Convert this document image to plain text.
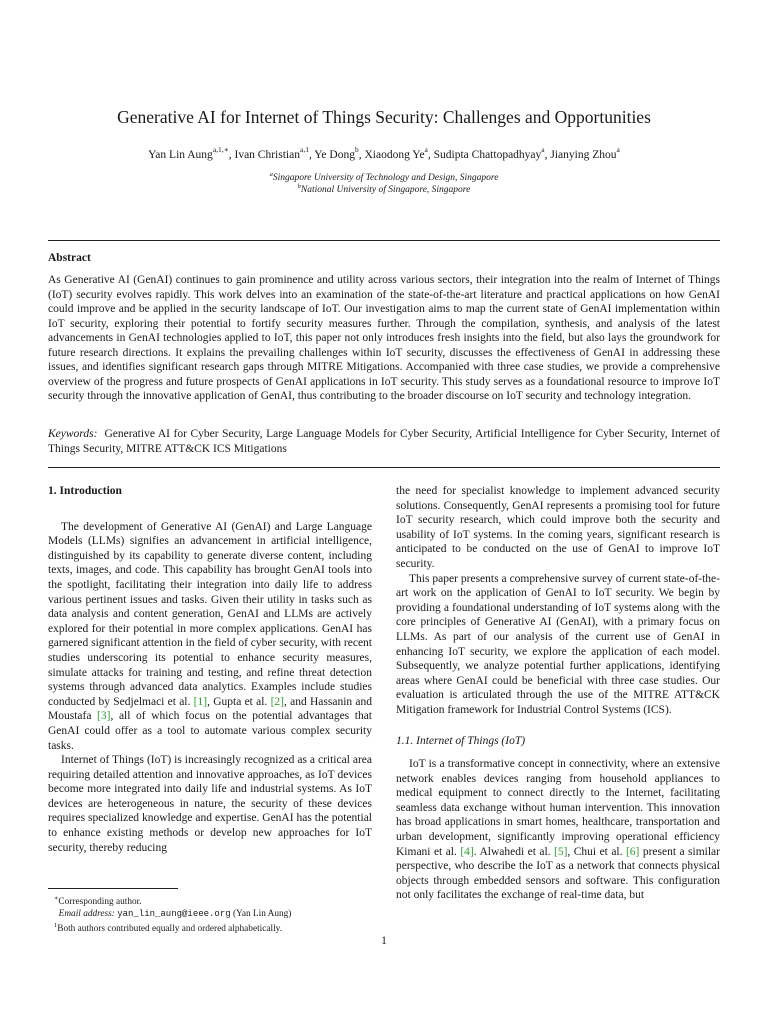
Generative AI for Internet of Things Security: Challenges and Opportunities
Yan Lin Aung$^{a,1,∗}$, Ivan Christian$^{a,1}$, Ye Dong$^b$, Xiaodong Ye$^a$, Sudipta Chattopadhyay$^a$, Jianying Zhou$^a$
$^a$Singapore University of Technology and Design, Singapore
$^b$National University of Singapore, Singapore
Abstract

As Generative AI (GenAI) continues to gain prominence and utility across various sectors, their integration into the realm of Internet of Things (IoT) security evolves rapidly. This work delves into an examination of the state-of-the-art literature and practical applications on how GenAI could improve and be applied in the security landscape of IoT. Our investigation aims to map the current state of GenAI implementation within IoT security, exploring their potential to fortify security measures further. Through the compilation, synthesis, and analysis of the latest advancements in GenAI technologies applied to IoT, this paper not only introduces fresh insights into the field, but also lays the groundwork for future research directions. It explains the prevailing challenges within IoT security, discusses the effectiveness of GenAI in addressing these issues, and identifies significant research gaps through MITRE Mitigations. Accompanied with three case studies, we provide a comprehensive overview of the progress and future prospects of GenAI applications in IoT security. This study serves as a foundational resource to improve IoT security through the innovative application of GenAI, thus contributing to the broader discourse on IoT security and technology integration.

Keywords: Generative AI for Cyber Security, Large Language Models for Cyber Security, Artificial Intelligence for Cyber Security, Internet of Things Security, MITRE ATT&CK ICS Mitigations
1. Introduction

The development of Generative AI (GenAI) and Large Language Models (LLMs) signifies an advancement in artificial intelligence, distinguished by its capability to generate diverse content, including texts, images, and code. This capability has brought GenAI tools into the spotlight, facilitating their integration into daily life to address various pertinent issues and tasks. Given their utility in tasks such as data analysis and content generation, GenAI and LLMs are actively explored for their potential in more complex applications. GenAI has garnered significant attention in the field of cyber security, with recent studies underscoring its potential to enhance security measures, simulate attacks for training and testing, and refine threat detection systems through advanced data analytics. Examples include studies conducted by Sedjelmaci et al. [1], Gupta et al. [2], and Hassanin and Moustafa [3], all of which focus on the potential advantages that GenAI could offer as a tool to automate various complex security tasks.

Internet of Things (IoT) is increasingly recognized as a critical area requiring detailed attention and innovative approaches, as IoT devices become more integrated into daily life and industrial systems. As IoT devices are heterogeneous in nature, the security of these devices requires specialized knowledge and expertise. GenAI has the potential to enhance existing methods or develop new approaches for IoT security, thereby reducing

the need for specialist knowledge to implement advanced security solutions. Consequently, GenAI represents a promising tool for future IoT security research, which could improve both the security and usability of IoT systems. In the coming years, significant research is anticipated to be conducted on the use of GenAI to improve IoT security.

This paper presents a comprehensive survey of current state-of-the-art work on the application of GenAI to IoT security. We begin by providing a foundational understanding of IoT systems along with the core principles of Generative AI (GenAI), with a primary focus on LLMs. As part of our analysis of the current use of GenAI in enhancing IoT security, we explore the application of each model. Subsequently, we analyze potential further applications, identifying areas where GenAI could be beneficial with three case studies. Our evaluation is articulated through the use of the MITRE ATT&CK Mitigation framework for Industrial Control Systems (ICS).

1.1. Internet of Things (IoT)

IoT is a transformative concept in connectivity, where an extensive network enables devices ranging from household appliances to medical equipment to connect directly to the Internet, facilitating seamless data exchange without human intervention. This innovation has broad applications in smart homes, healthcare, transportation and urban development, significantly improving operational efficiency Kimani et al. [4]. Alwahedi et al. [5], Chui et al. [6] present a similar perspective, who describe the IoT as a network that connects physical objects through embedded sensors and software. This configuration not only facilitates the exchange of real-time data, but

∗Corresponding author.
Email address: yan_lin_aung@ieee.org (Yan Lin Aung)
$^1$Both authors contributed equally and ordered alphabetically.
1
